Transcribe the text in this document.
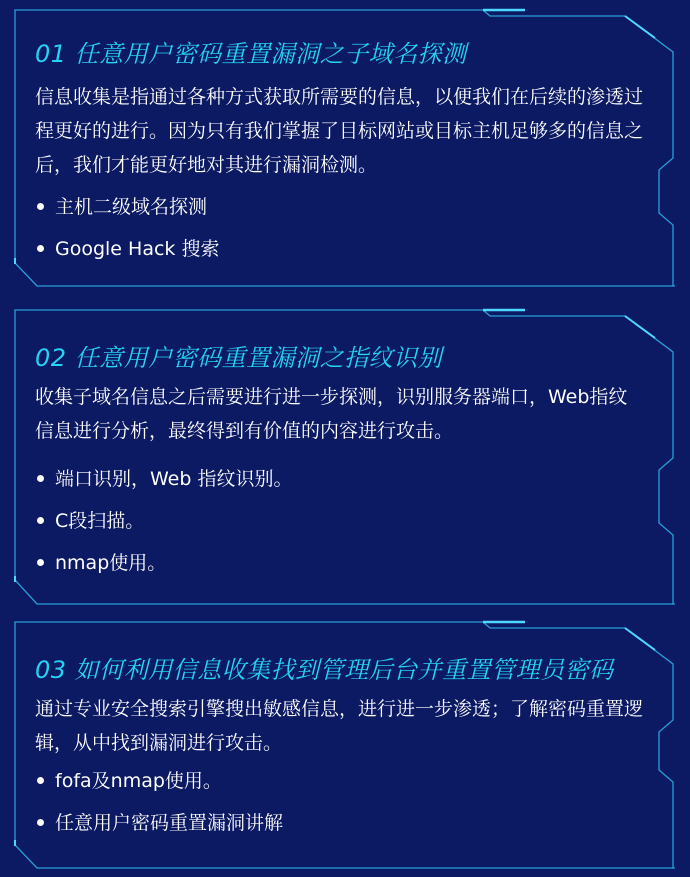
01 任意用户密码重置漏洞之子域名探测
信息收集是指通过各种方式获取所需要的信息，以便我们在后续的渗透过程更好的进行。因为只有我们掌握了目标网站或目标主机足够多的信息之后，我们才能更好地对其进行漏洞检测。
主机二级域名探测
Google Hack 搜索
02 任意用户密码重置漏洞之指纹识别
收集子域名信息之后需要进行进一步探测，识别服务器端口，Web指纹信息进行分析，最终得到有价值的内容进行攻击。
端口识别，Web 指纹识别。
C段扫描。
nmap使用。
03 如何利用信息收集找到管理后台并重置管理员密码
通过专业安全搜索引擎搜出敏感信息，进行进一步渗透；了解密码重置逻辑，从中找到漏洞进行攻击。
fofa及nmap使用。
任意用户密码重置漏洞讲解
